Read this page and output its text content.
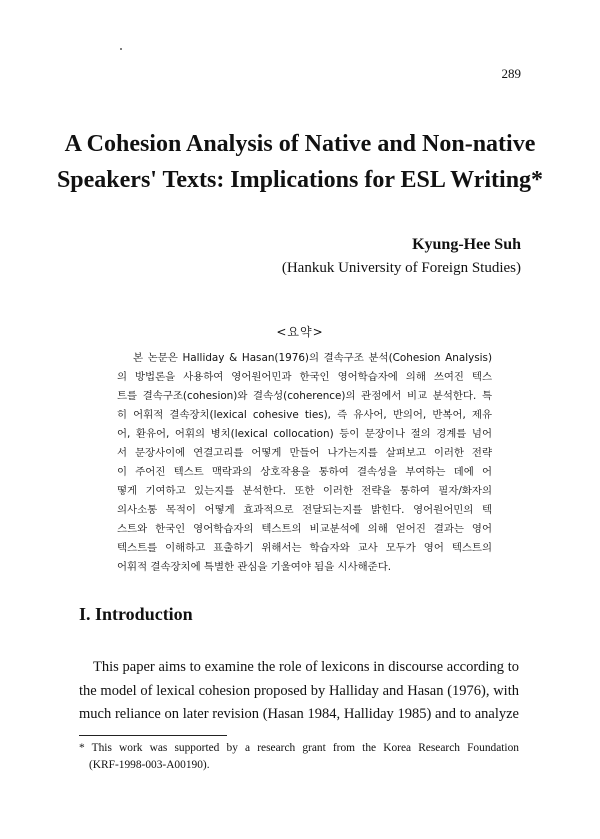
289
A Cohesion Analysis of Native and Non-native
Speakers' Texts: Implications for ESL Writing*
Kyung-Hee Suh
(Hankuk University of Foreign Studies)
<요약>
본 논문은 Halliday & Hasan(1976)의 결속구조 분석(Cohesion Analysis)
의 방법론을 사용하여 영어원어민과 한국인 영어학습자에 의해 쓰여진 텍스
트를 결속구조(cohesion)와 결속성(coherence)의 관점에서 비교 분석한다. 특
히 어휘적 결속장치(lexical cohesive ties), 즉 유사어, 반의어, 반복어, 제유
어, 환유어, 어휘의 병치(lexical collocation) 등이 문장이나 절의 경계를 넘어
서 문장사이에 연결고리를 어떻게 만들어 나가는지를 살펴보고 이러한 전략
이 주어진 텍스트 맥락과의 상호작용을 통하여 결속성을 부여하는 데에 어
떻게 기여하고 있는지를 분석한다. 또한 이러한 전략을 통하여 필자/화자의
의사소통 목적이 어떻게 효과적으로 전달되는지를 밝힌다. 영어원어민의 텍
스트와 한국인 영어학습자의 텍스트의 비교분석에 의해 얻어진 결과는 영어
텍스트를 이해하고 표출하기 위해서는 학습자와 교사 모두가 영어 텍스트의
어휘적 결속장치에 특별한 관심을 기울여야 됨을 시사해준다.
I. Introduction
This paper aims to examine the role of lexicons in discourse according to
the model of lexical cohesion proposed by Halliday and Hasan (1976), with
much reliance on later revision (Hasan 1984, Halliday 1985) and to analyze
* This work was supported by a research grant from the Korea Research Foundation
(KRF-1998-003-A00190).
